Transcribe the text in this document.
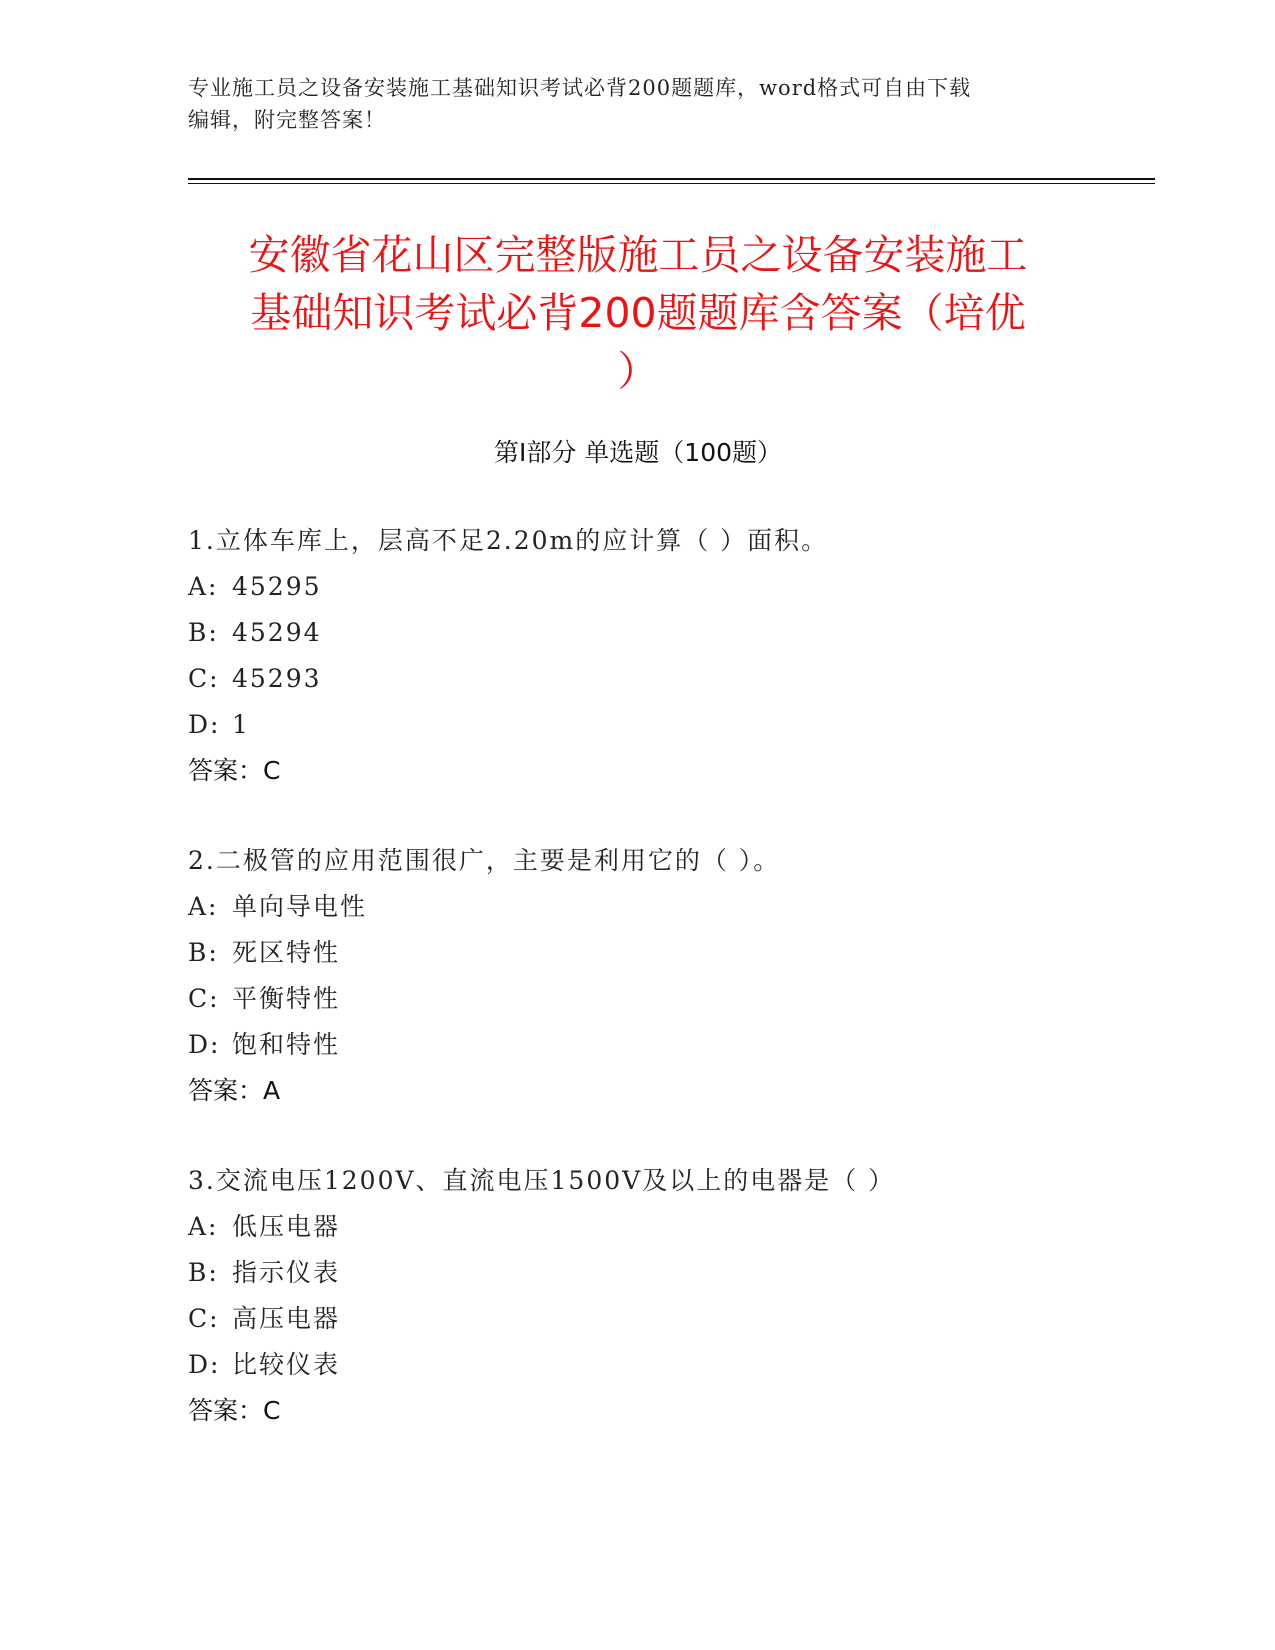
专业施工员之设备安装施工基础知识考试必背200题题库，word格式可自由下载
编辑，附完整答案！
安徽省花山区完整版施工员之设备安装施工
基础知识考试必背200题题库含答案（培优
）
第Ⅰ部分 单选题（100题）
1.立体车库上，层高不足2.20m的应计算（ ）面积。
A: 45295
B: 45294
C: 45293
D: 1
答案：C
2.二极管的应用范围很广，主要是利用它的（ ）。
A: 单向导电性
B: 死区特性
C: 平衡特性
D: 饱和特性
答案：A
3.交流电压1200V、直流电压1500V及以上的电器是（ ）
A: 低压电器
B: 指示仪表
C: 高压电器
D: 比较仪表
答案：C
